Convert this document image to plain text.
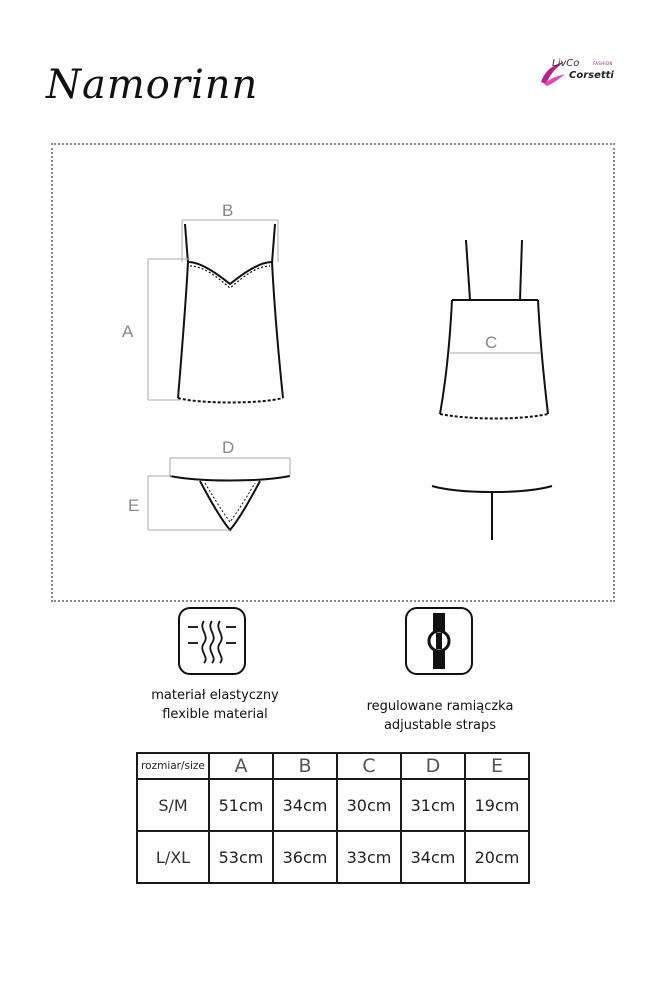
Namorinn	LivCo	FASHION
Corsetti
B
A
C
D
E
materiał elastyczny
flexible material
regulowane ramiączka
adjustable straps
rozmiar/size	A	B	C	D	E
S/M	51cm	34cm	30cm	31cm	19cm
L/XL	53cm	36cm	33cm	34cm	20cm
